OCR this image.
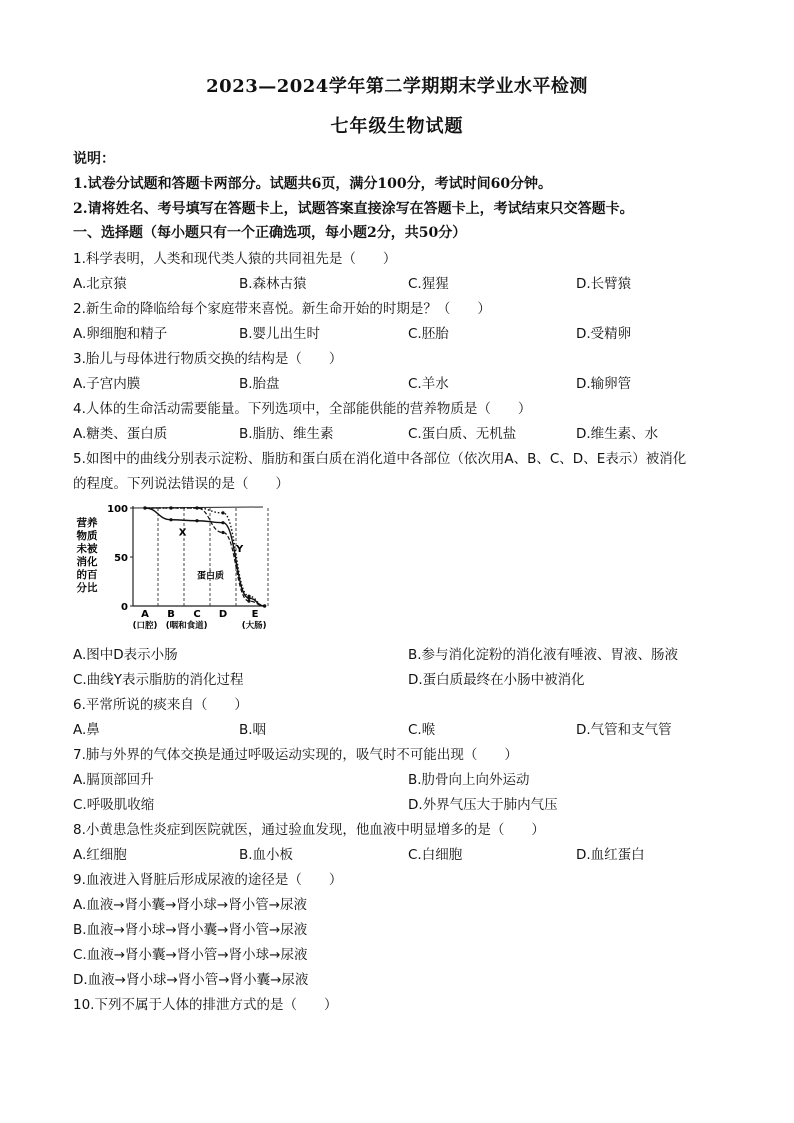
2023—2024学年第二学期期末学业水平检测
七年级生物试题
说明：
1.试卷分试题和答题卡两部分。试题共6页，满分100分，考试时间60分钟。
2.请将姓名、考号填写在答题卡上，试题答案直接涂写在答题卡上，考试结束只交答题卡。
一、选择题（每小题只有一个正确选项，每小题2分，共50分）
1.科学表明，人类和现代类人猿的共同祖先是（　　）
A.北京猿	B.森林古猿	C.猩猩	D.长臂猿
2.新生命的降临给每个家庭带来喜悦。新生命开始的时期是？（　　）
A.卵细胞和精子	B.婴儿出生时	C.胚胎	D.受精卵
3.胎儿与母体进行物质交换的结构是（　　）
A.子宫内膜	B.胎盘	C.羊水	D.输卵管
4.人体的生命活动需要能量。下列选项中，全部能供能的营养物质是（　　）
A.糖类、蛋白质	B.脂肪、维生素	C.蛋白质、无机盐	D.维生素、水
5.如图中的曲线分别表示淀粉、脂肪和蛋白质在消化道中各部位（依次用A、B、C、D、E表示）被消化
的程度。下列说法错误的是（　　）
营养
物质
未被
消化
的百
分比
0
50
100
X
Y
蛋白质
A B C D E
(口腔) (咽和食道)	(大肠)
A.图中D表示小肠	B.参与消化淀粉的消化液有唾液、胃液、肠液
C.曲线Y表示脂肪的消化过程	D.蛋白质最终在小肠中被消化
6.平常所说的痰来自（　　）
A.鼻	B.咽	C.喉	D.气管和支气管
7.肺与外界的气体交换是通过呼吸运动实现的，吸气时不可能出现（　　）
A.膈顶部回升	B.肋骨向上向外运动
C.呼吸肌收缩	D.外界气压大于肺内气压
8.小黄患急性炎症到医院就医，通过验血发现，他血液中明显增多的是（　　）
A.红细胞	B.血小板	C.白细胞	D.血红蛋白
9.血液进入肾脏后形成尿液的途径是（　　）
A.血液→肾小囊→肾小球→肾小管→尿液
B.血液→肾小球→肾小囊→肾小管→尿液
C.血液→肾小囊→肾小管→肾小球→尿液
D.血液→肾小球→肾小管→肾小囊→尿液
10.下列不属于人体的排泄方式的是（　　）
